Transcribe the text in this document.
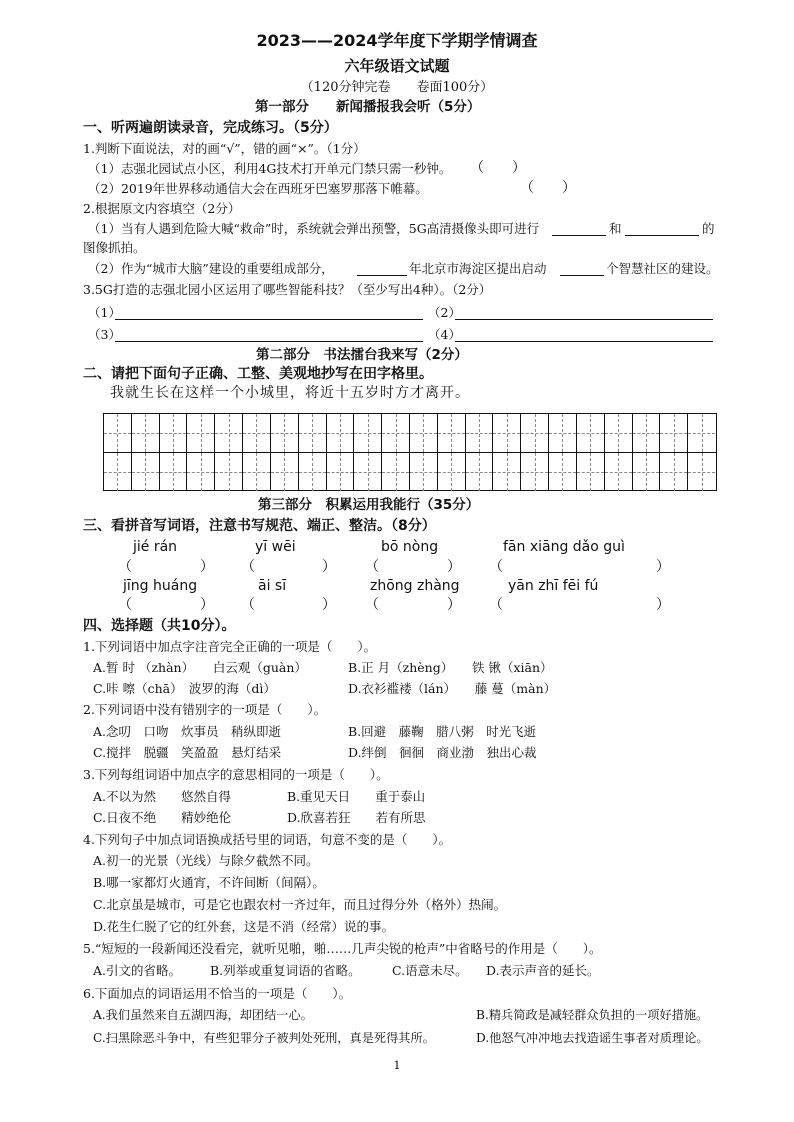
2023——2024学年度下学期学情调查
六年级语文试题
（120分钟完卷　　卷面100分）
第一部分　　新闻播报我会听（5分）
一、听两遍朗读录音，完成练习。（5分）
1.判断下面说法，对的画“√”，错的画“×”。（1分）
（1）志强北园试点小区，利用4G技术打开单元门禁只需一秒钟。 （　　）
（2）2019年世界移动通信大会在西班牙巴塞罗那落下帷幕。	（　　）
2.根据原文内容填空（2分）
（1）当有人遇到危险大喊“救命”时，系统就会弹出预警，5G高清摄像头即可进行	和	的
图像抓拍。
（2）作为“城市大脑”建设的重要组成部分，	年北京市海淀区提出启动	个智慧社区的建设。
3.5G打造的志强北园小区运用了哪些智能科技？（至少写出4种）。（2分）
（1）	（2）
（3）	（4）
第二部分　书法擂台我来写（2分）
二、请把下面句子正确、工整、美观地抄写在田字格里。
我就生长在这样一个小城里，将近十五岁时方才离开。
第三部分　积累运用我能行（35分）
三、看拼音写词语，注意书写规范、端正、整洁。（8分）
jié rán	yī wēi	bō nòng	fān xiāng dǎo guì
（	） （	） （	） （	）
jīng huáng	āi sī	zhōng zhàng	yān zhī fēi fú
（	） （	） （	） （	）
四、选择题（共10分）。
1.下列词语中加点字注音完全正确的一项是（　　）。
A.暂 时 （zhàn）　　白云观（guàn）	B.正 月（zhèng）　　铁 锹（xiān）
C.咔 嚓（chā）　波罗的海（dì）	D.衣衫褴褛（lán）　　藤 蔓（màn）
2.下列词语中没有错别字的一项是（　　）。
A.念叨　口吻　炊事员　稍纵即逝	B.回避　藤鞠　腊八粥　时光飞逝
C.搅拌　脱疆　笑盈盈　悬灯结采	D.绊倒　徊徊　商业渤　独出心裁
3.下列每组词语中加点字的意思相同的一项是（　　）。
A.不以为然　　悠然自得	B.重见天日　　重于泰山
C.日夜不绝　　精妙绝伦	D.欣喜若狂　　若有所思
4.下列句子中加点词语换成括号里的词语，句意不变的是（　　）。
A.初一的光景（光线）与除夕截然不同。
B.哪一家都灯火通宵，不许间断（间隔）。
C.北京虽是城市，可是它也跟农村一齐过年，而且过得分外（格外）热闹。
D.花生仁脱了它的红外套，这是不消（经常）说的事。
5.“短短的一段新闻还没看完，就听见啪，啪……几声尖锐的枪声”中省略号的作用是（　　）。
A.引文的省略。 B.列举或重复词语的省略。	C.语意未尽。 D.表示声音的延长。
6.下面加点的词语运用不恰当的一项是（　　）。
A.我们虽然来自五湖四海，却团结一心。	B.精兵简政是减轻群众负担的一项好措施。
C.扫黑除恶斗争中，有些犯罪分子被判处死刑，真是死得其所。	D.他怒气冲冲地去找造谣生事者对质理论。
1
